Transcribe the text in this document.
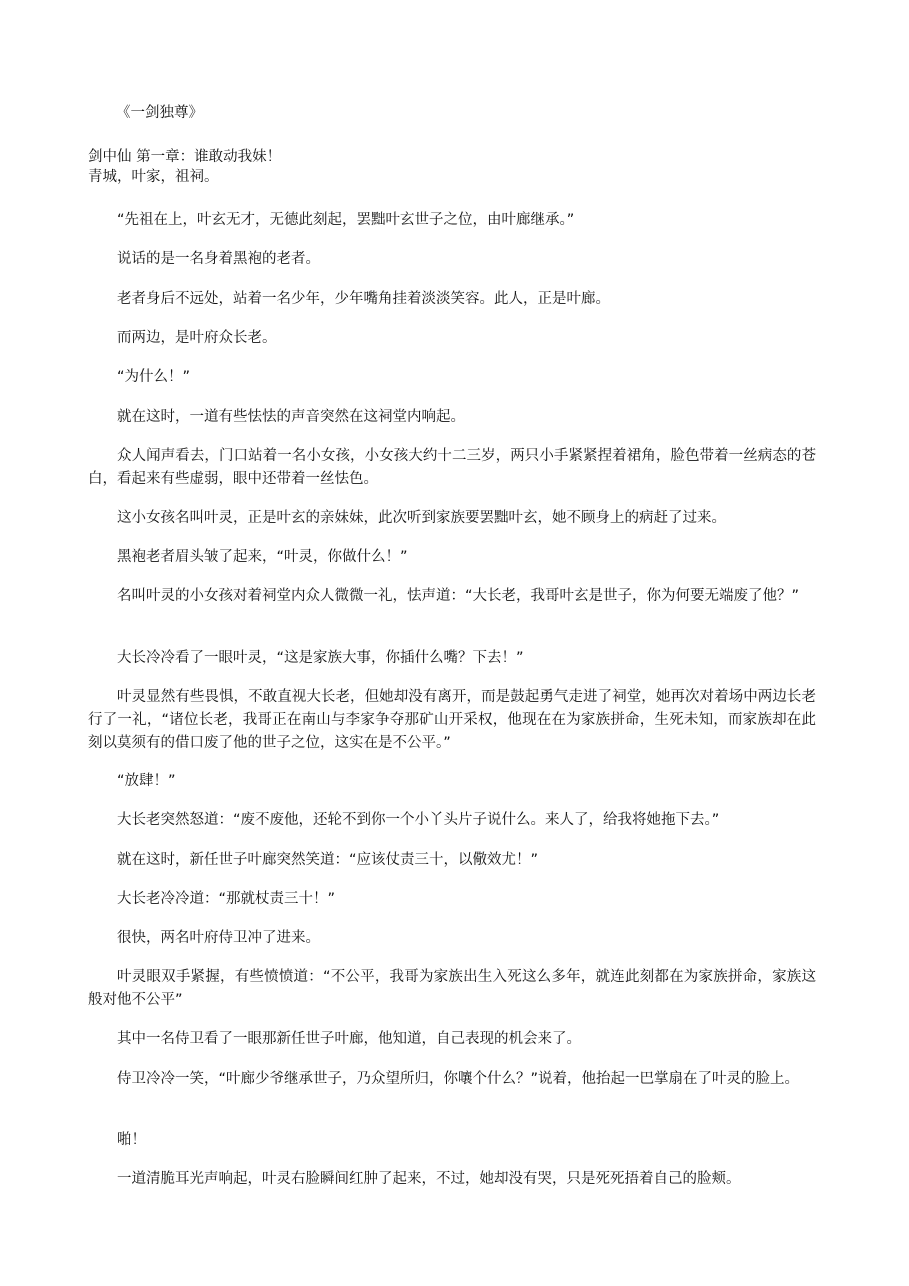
《一剑独尊》
剑中仙 第一章：谁敢动我妹！
青城，叶家，祖祠。

“先祖在上，叶玄无才，无德此刻起，罢黜叶玄世子之位，由叶廊继承。”

说话的是一名身着黑袍的老者。

老者身后不远处，站着一名少年，少年嘴角挂着淡淡笑容。此人，正是叶廊。

而两边，是叶府众长老。

“为什么！”

就在这时，一道有些怯怯的声音突然在这祠堂内响起。

众人闻声看去，门口站着一名小女孩，小女孩大约十二三岁，两只小手紧紧捏着裙角，脸色带着一丝病态的苍白，看起来有些虚弱，眼中还带着一丝怯色。

这小女孩名叫叶灵，正是叶玄的亲妹妹，此次听到家族要罢黜叶玄，她不顾身上的病赶了过来。

黑袍老者眉头皱了起来，“叶灵，你做什么！”

名叫叶灵的小女孩对着祠堂内众人微微一礼，怯声道：“大长老，我哥叶玄是世子，你为何要无端废了他？”

大长冷冷看了一眼叶灵，“这是家族大事，你插什么嘴？下去！”

叶灵显然有些畏惧，不敢直视大长老，但她却没有离开，而是鼓起勇气走进了祠堂，她再次对着场中两边长老行了一礼，“诸位长老，我哥正在南山与李家争夺那矿山开采权，他现在在为家族拼命，生死未知，而家族却在此刻以莫须有的借口废了他的世子之位，这实在是不公平。”

“放肆！”

大长老突然怒道：“废不废他，还轮不到你一个小丫头片子说什么。来人了，给我将她拖下去。”

就在这时，新任世子叶廊突然笑道：“应该仗责三十，以儆效尤！”

大长老冷冷道：“那就杖责三十！”

很快，两名叶府侍卫冲了进来。

叶灵眼双手紧握，有些愤愤道：“不公平，我哥为家族出生入死这么多年，就连此刻都在为家族拼命，家族这般对他不公平”

其中一名侍卫看了一眼那新任世子叶廊，他知道，自己表现的机会来了。

侍卫冷冷一笑，“叶廊少爷继承世子，乃众望所归，你嚷个什么？”说着，他抬起一巴掌扇在了叶灵的脸上。

啪！

一道清脆耳光声响起，叶灵右脸瞬间红肿了起来，不过，她却没有哭，只是死死捂着自己的脸颊。
